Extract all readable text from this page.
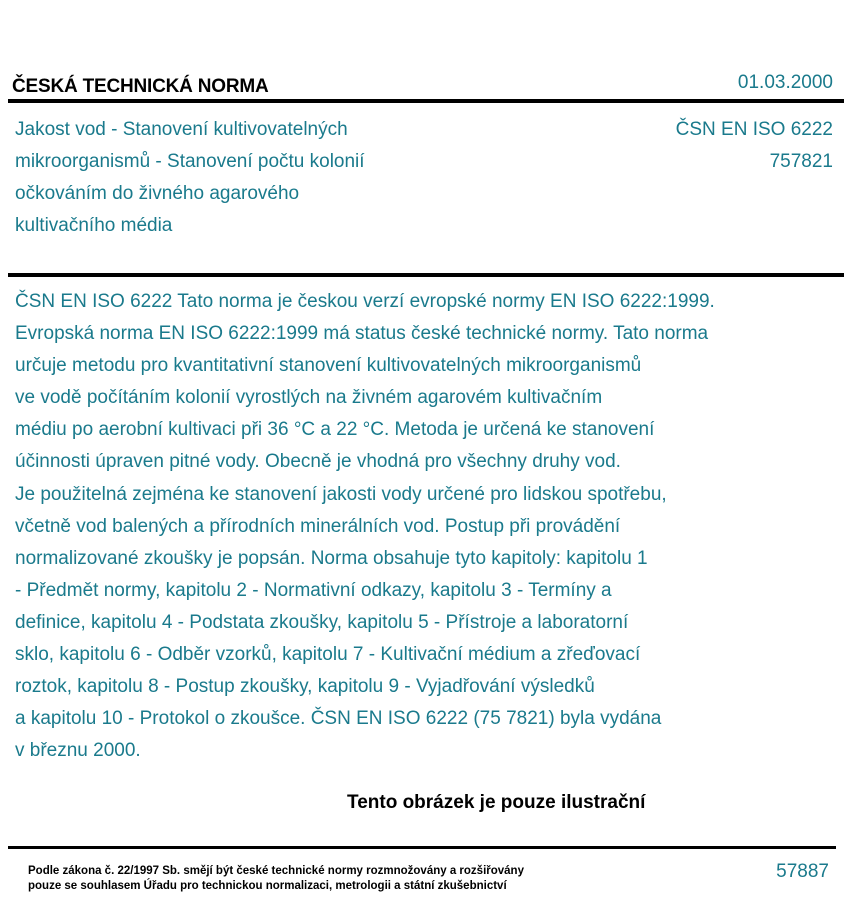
ČESKÁ TECHNICKÁ NORMA	01.03.2000
Jakost vod - Stanovení kultivovatelných
mikroorganismů - Stanovení počtu kolonií
očkováním do živného agarového
kultivačního média
ČSN EN ISO 6222
757821
ČSN EN ISO 6222 Tato norma je českou verzí evropské normy EN ISO 6222:1999.
Evropská norma EN ISO 6222:1999 má status české technické normy. Tato norma
určuje metodu pro kvantitativní stanovení kultivovatelných mikroorganismů
ve vodě počítáním kolonií vyrostlých na živném agarovém kultivačním
médiu po aerobní kultivaci při 36 °C a 22 °C. Metoda je určená ke stanovení
účinnosti úpraven pitné vody. Obecně je vhodná pro všechny druhy vod.
Je použitelná zejména ke stanovení jakosti vody určené pro lidskou spotřebu,
včetně vod balených a přírodních minerálních vod. Postup při provádění
normalizované zkoušky je popsán. Norma obsahuje tyto kapitoly: kapitolu 1
- Předmět normy, kapitolu 2 - Normativní odkazy, kapitolu 3 - Termíny a
definice, kapitolu 4 - Podstata zkoušky, kapitolu 5 - Přístroje a laboratorní
sklo, kapitolu 6 - Odběr vzorků, kapitolu 7 - Kultivační médium a zřeďovací
roztok, kapitolu 8 - Postup zkoušky, kapitolu 9 - Vyjadřování výsledků
a kapitolu 10 - Protokol o zkoušce. ČSN EN ISO 6222 (75 7821) byla vydána
v březnu 2000.
Tento obrázek je pouze ilustrační
Podle zákona č. 22/1997 Sb. smějí být české technické normy rozmnožovány a rozšiřovány
pouze se souhlasem Úřadu pro technickou normalizaci, metrologii a státní zkušebnictví
57887
